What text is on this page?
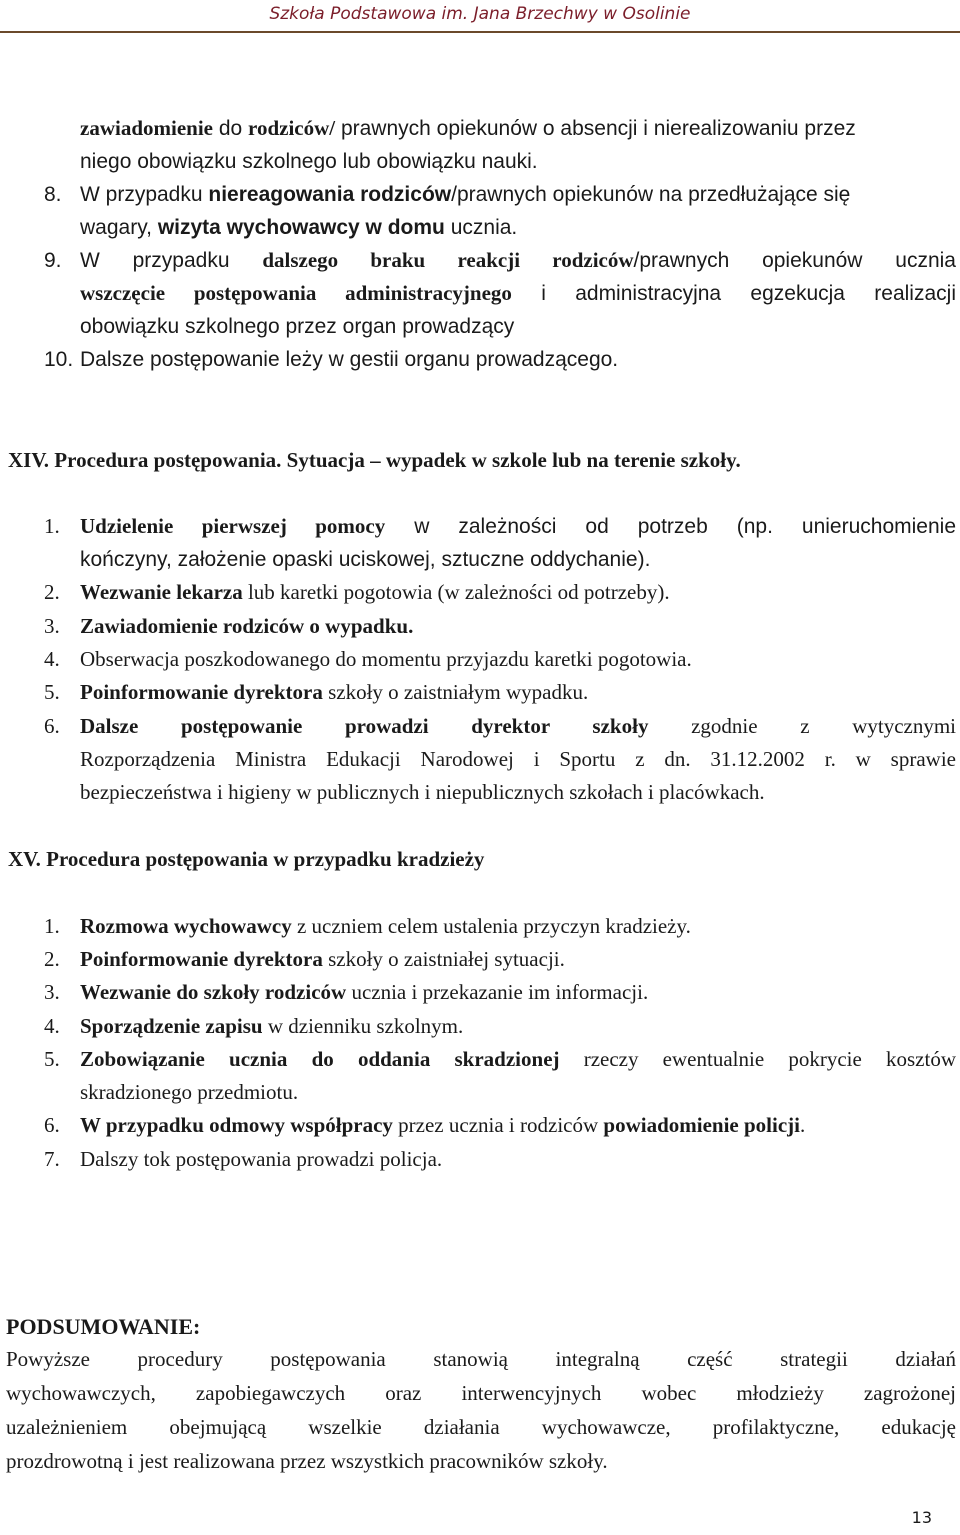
Szkoła Podstawowa im. Jana Brzechwy w Osolinie
zawiadomienie do rodziców/ prawnych opiekunów o absencji i nierealizowaniu przez
niego obowiązku szkolnego lub obowiązku nauki.
8. W przypadku niereagowania rodziców/prawnych opiekunów na przedłużające się
wagary, wizyta wychowawcy w domu ucznia.
9. W przypadku dalszego braku reakcji rodziców/prawnych opiekunów ucznia
wszczęcie postępowania administracyjnego i administracyjna egzekucja realizacji
obowiązku szkolnego przez organ prowadzący
10. Dalsze postępowanie leży w gestii organu prowadzącego.
XIV. Procedura postępowania. Sytuacja – wypadek w szkole lub na terenie szkoły.
1. Udzielenie pierwszej pomocy w zależności od potrzeb (np. unieruchomienie
kończyny, założenie opaski uciskowej, sztuczne oddychanie).
2. Wezwanie lekarza lub karetki pogotowia (w zależności od potrzeby).
3. Zawiadomienie rodziców o wypadku.
4. Obserwacja poszkodowanego do momentu przyjazdu karetki pogotowia.
5. Poinformowanie dyrektora szkoły o zaistniałym wypadku.
6. Dalsze postępowanie prowadzi dyrektor szkoły zgodnie z wytycznymi
Rozporządzenia Ministra Edukacji Narodowej i Sportu z dn. 31.12.2002 r. w sprawie
bezpieczeństwa i higieny w publicznych i niepublicznych szkołach i placówkach.
XV. Procedura postępowania w przypadku kradzieży
1. Rozmowa wychowawcy z uczniem celem ustalenia przyczyn kradzieży.
2. Poinformowanie dyrektora szkoły o zaistniałej sytuacji.
3. Wezwanie do szkoły rodziców ucznia i przekazanie im informacji.
4. Sporządzenie zapisu w dzienniku szkolnym.
5. Zobowiązanie ucznia do oddania skradzionej rzeczy ewentualnie pokrycie kosztów
skradzionego przedmiotu.
6. W przypadku odmowy współpracy przez ucznia i rodziców powiadomienie policji.
7. Dalszy tok postępowania prowadzi policja.
PODSUMOWANIE:
Powyższe procedury postępowania stanowią integralną część strategii działań
wychowawczych, zapobiegawczych oraz interwencyjnych wobec młodzieży zagrożonej
uzależnieniem obejmującą wszelkie działania wychowawcze, profilaktyczne, edukację
prozdrowotną i jest realizowana przez wszystkich pracowników szkoły.
13
